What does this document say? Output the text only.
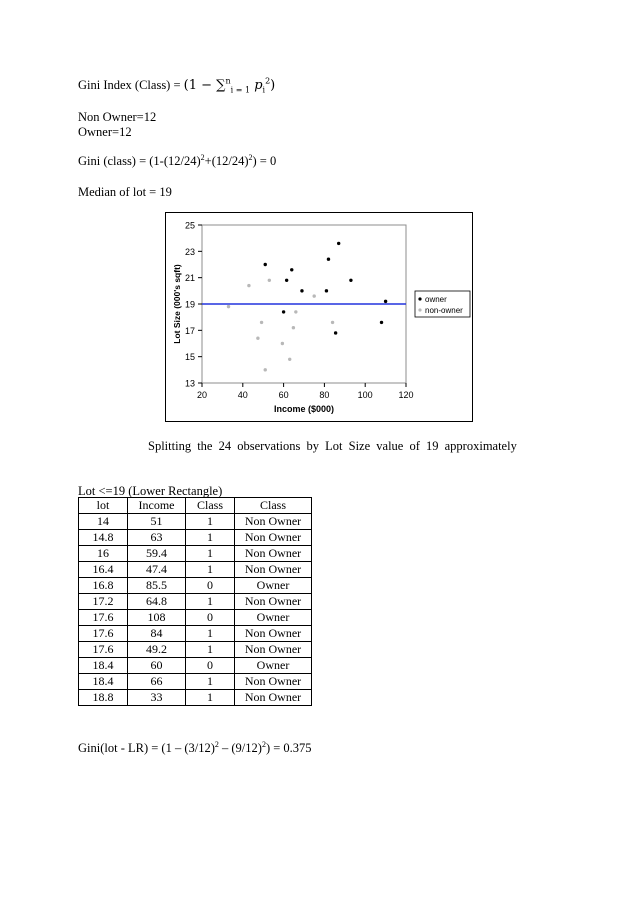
Gini Index (Class) = (1 − ∑$^n_{i = 1}$ $p_i^2$)
Non Owner=12
Owner=12
Gini (class) = $(1-(12/24)^2+(12/24)^2) = 0$
Median of lot = 19
13
15
17
19
21
23
25
20	40	60	80	100	120
Income ($000)
Lot Size (000's sqft)	owner
non-owner
Splitting the 24 observations by Lot Size value of 19 approximately
Lot <=19 (Lower Rectangle)
lot	Income	Class	Class
14	51	1	Non Owner
14.8	63	1	Non Owner
16	59.4	1	Non Owner
16.4	47.4	1	Non Owner
16.8	85.5	0	Owner
17.2	64.8	1	Non Owner
17.6	108	0	Owner
17.6	84	1	Non Owner
17.6	49.2	1	Non Owner
18.4	60	0	Owner
18.4	66	1	Non Owner
18.8	33	1	Non Owner
Gini(lot - $LR) = (1 - (3/12)^2 - (9/12)^2) = 0.375$
